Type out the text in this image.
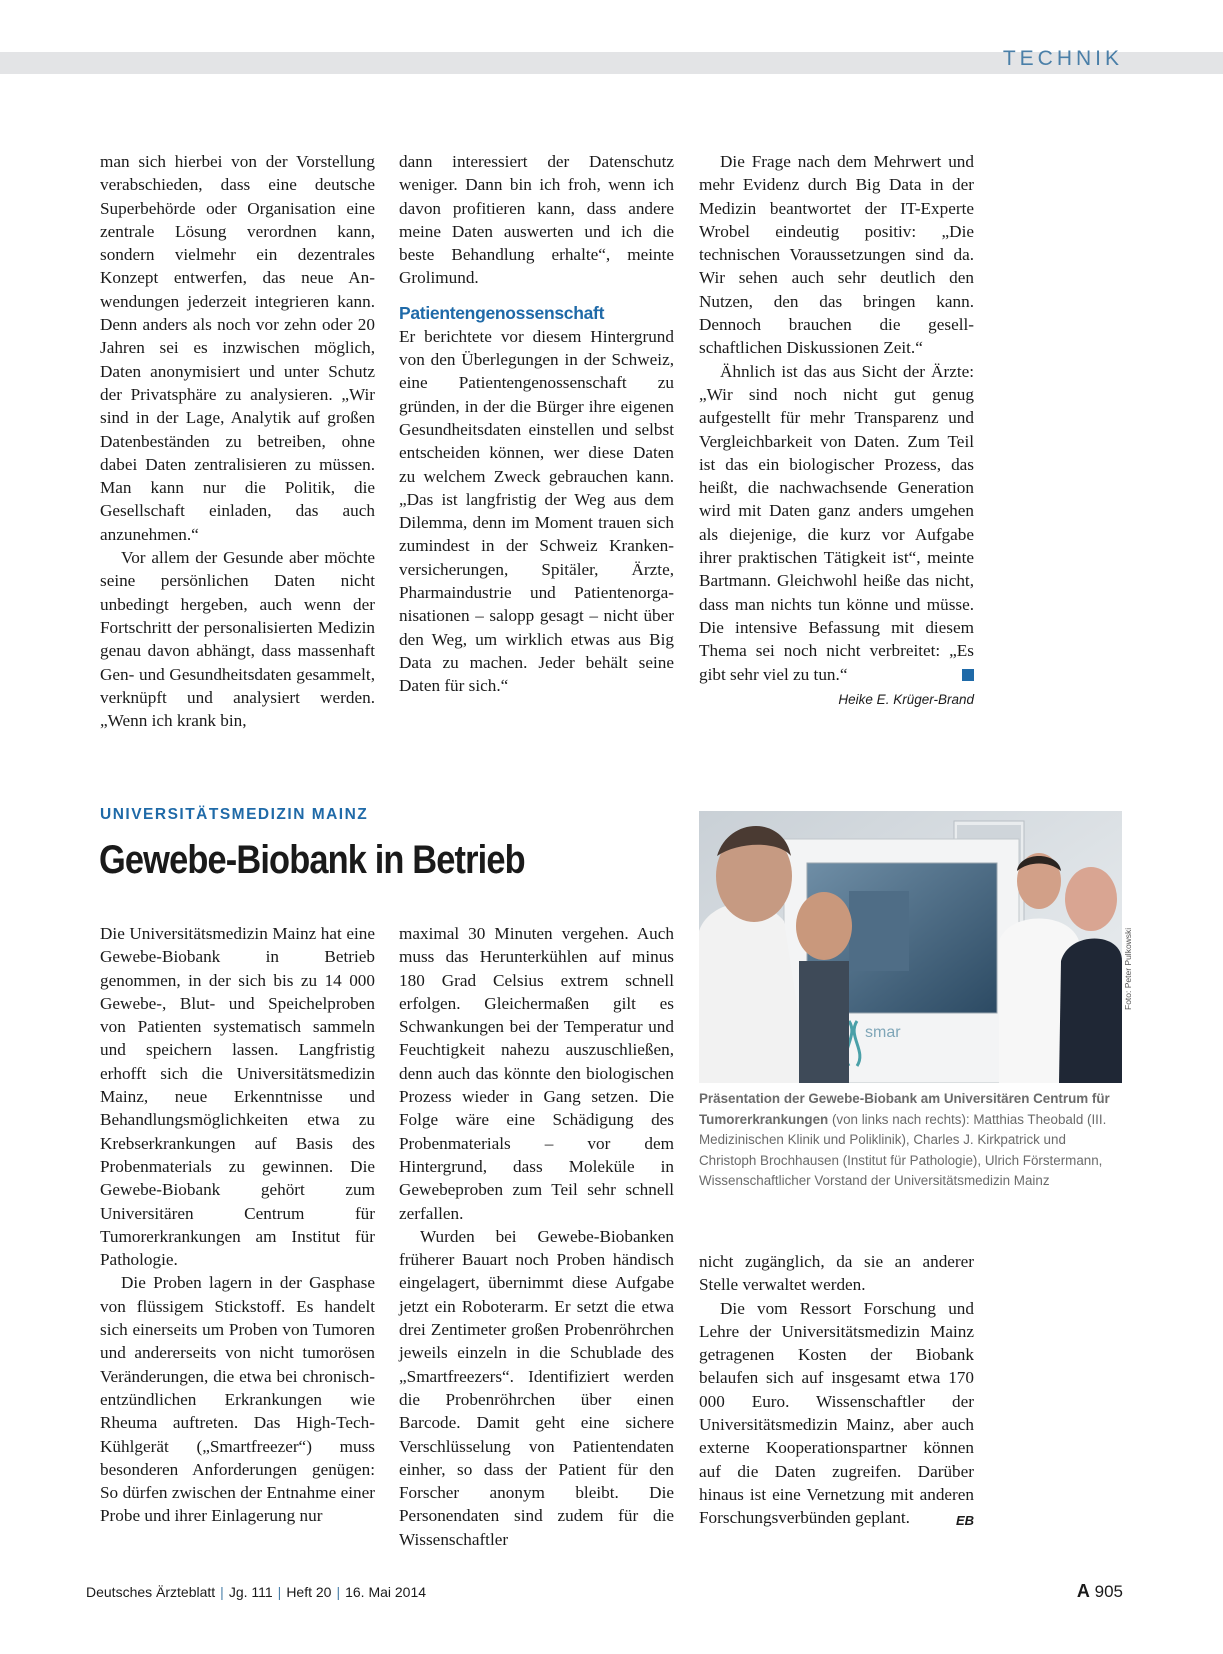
TECHNIK

man sich hierbei von der Vorstellung verabschieden, dass eine deutsche Superbehörde oder Organisation eine zentrale Lösung verordnen kann, sondern vielmehr ein dezentrales Konzept entwerfen, das neue Anwendungen jederzeit integrieren kann. Denn anders als noch vor zehn oder 20 Jahren sei es inzwischen möglich, Daten anonymisiert und unter Schutz der Privatsphäre zu analysieren. „Wir sind in der Lage, Analytik auf großen Datenbeständen zu betreiben, ohne dabei Daten zentralisieren zu müssen. Man kann nur die Politik, die Gesellschaft einladen, das auch anzunehmen.“

Vor allem der Gesunde aber möchte seine persönlichen Daten nicht unbedingt hergeben, auch wenn der Fortschritt der personalisierten Medizin genau davon abhängt, dass massenhaft Gen- und Gesundheitsdaten gesammelt, verknüpft und analysiert werden. „Wenn ich krank bin,

dann interessiert der Datenschutz weniger. Dann bin ich froh, wenn ich davon profitieren kann, dass andere meine Daten auswerten und ich die beste Behandlung erhalte“, meinte Grolimund.

Patientengenossenschaft

Er berichtete vor diesem Hintergrund von den Überlegungen in der Schweiz, eine Patientengenossenschaft zu gründen, in der die Bürger ihre eigenen Gesundheitsdaten einstellen und selbst entscheiden können, wer diese Daten zu welchem Zweck gebrauchen kann. „Das ist langfristig der Weg aus dem Dilemma, denn im Moment trauen sich zumindest in der Schweiz Krankenversicherungen, Spitäler, Ärzte, Pharmaindustrie und Patientenorganisationen – salopp gesagt – nicht über den Weg, um wirklich etwas aus Big Data zu machen. Jeder behält seine Daten für sich.“

Die Frage nach dem Mehrwert und mehr Evidenz durch Big Data in der Medizin beantwortet der IT-Experte Wrobel eindeutig positiv: „Die technischen Voraussetzungen sind da. Wir sehen auch sehr deutlich den Nutzen, den das bringen kann. Dennoch brauchen die gesellschaftlichen Diskussionen Zeit.“

Ähnlich ist das aus Sicht der Ärzte: „Wir sind noch nicht gut genug aufgestellt für mehr Transparenz und Vergleichbarkeit von Daten. Zum Teil ist das ein biologischer Prozess, das heißt, die nachwachsende Generation wird mit Daten ganz anders umgehen als diejenige, die kurz vor Aufgabe ihrer praktischen Tätigkeit ist“, meinte Bartmann. Gleichwohl heiße das nicht, dass man nichts tun könne und müsse. Die intensive Befassung mit diesem Thema sei noch nicht verbreitet: „Es gibt sehr viel zu tun.“

Heike E. Krüger-Brand
UNIVERSITÄTSMEDIZIN MAINZ
Gewebe-Biobank in Betrieb
smar
Foto: Peter Pulkowski
Präsentation der Gewebe-Biobank am Universitären Centrum für Tumorerkrankungen (von links nach rechts): Matthias Theobald (III. Medizinischen Klinik und Poliklinik), Charles J. Kirkpatrick und Christoph Brochhausen (Institut für Pathologie), Ulrich Förstermann, Wissenschaftlicher Vorstand der Universitätsmedizin Mainz

Die Universitätsmedizin Mainz hat eine Gewebe-Biobank in Betrieb genommen, in der sich bis zu 14 000 Gewebe-, Blut- und Speichelproben von Patienten systematisch sammeln und speichern lassen. Langfristig erhofft sich die Universitätsmedizin Mainz, neue Erkenntnisse und Behandlungsmöglichkeiten etwa zu Krebserkrankungen auf Basis des Probenmaterials zu gewinnen. Die Gewebe-Biobank gehört zum Universitären Centrum für Tumorerkrankungen am Institut für Pathologie.

Die Proben lagern in der Gasphase von flüssigem Stickstoff. Es handelt sich einerseits um Proben von Tumoren und andererseits von nicht tumorösen Veränderungen, die etwa bei chronisch-entzündlichen Erkrankungen wie Rheuma auftreten. Das High-Tech-Kühlgerät („Smartfreezer“) muss besonderen Anforderungen genügen: So dürfen zwischen der Entnahme einer Probe und ihrer Einlagerung nur

maximal 30 Minuten vergehen. Auch muss das Herunterkühlen auf minus 180 Grad Celsius extrem schnell erfolgen. Gleichermaßen gilt es Schwankungen bei der Temperatur und Feuchtigkeit nahezu auszuschließen, denn auch das könnte den biologischen Prozess wieder in Gang setzen. Die Folge wäre eine Schädigung des Probenmaterials – vor dem Hintergrund, dass Moleküle in Gewebeproben zum Teil sehr schnell zerfallen.

Wurden bei Gewebe-Biobanken früherer Bauart noch Proben händisch eingelagert, übernimmt diese Aufgabe jetzt ein Roboterarm. Er setzt die etwa drei Zentimeter großen Probenröhrchen jeweils einzeln in die Schublade des „Smartfreezers“. Identifiziert werden die Probenröhrchen über einen Barcode. Damit geht eine sichere Verschlüsselung von Patientendaten einher, so dass der Patient für den Forscher anonym bleibt. Die Personendaten sind zudem für die Wissenschaftler

nicht zugänglich, da sie an anderer Stelle verwaltet werden.

Die vom Ressort Forschung und Lehre der Universitätsmedizin Mainz getragenen Kosten der Biobank belaufen sich auf insgesamt etwa 170 000 Euro. Wissenschaftler der Universitätsmedizin Mainz, aber auch externe Kooperationspartner können auf die Daten zugreifen. Darüber hinaus ist eine Vernetzung mit anderen Forschungsverbünden geplant.	EB

Deutsches Ärzteblatt | Jg. 111 | Heft 20 | 16. Mai 2014	A 905
